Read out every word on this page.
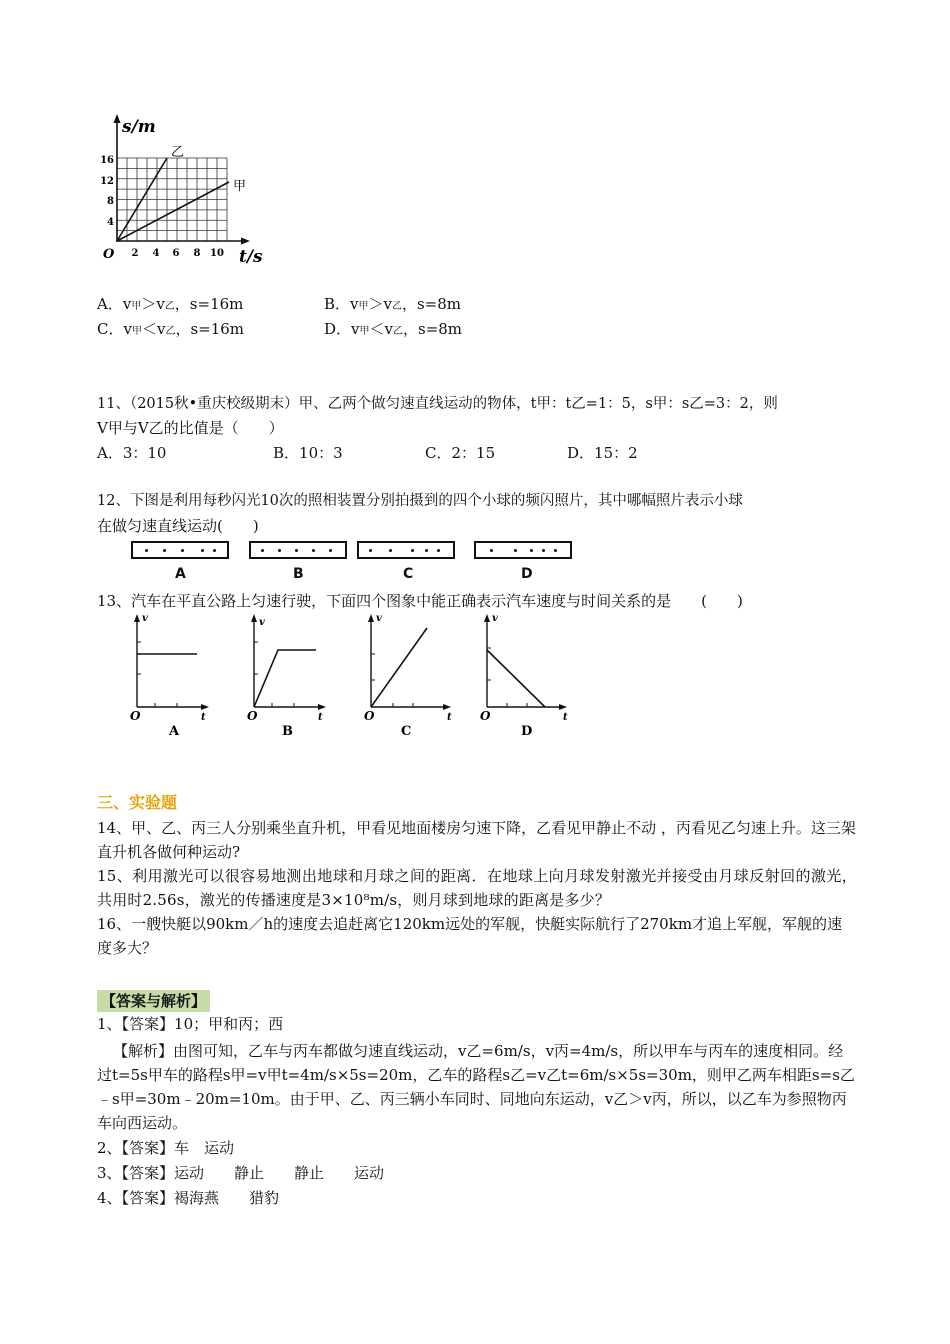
s/m
t/s
O
乙
甲
16
12
8
4
2 4 6 8 10
A．v甲＞v乙，s=16m	B．v甲＞v乙，s=8m
C．v甲＜v乙，s=16m	D．v甲＜v乙，s=8m
11、（2015秋•重庆校级期末）甲、乙两个做匀速直线运动的物体，t甲：t乙=1：5，s甲：s乙=3：2，则
V甲与V乙的比值是（　　）
A．3：10	B．10：3	C．2：15	D．15：2
12、下图是利用每秒闪光10次的照相装置分别拍摄到的四个小球的频闪照片，其中哪幅照片表示小球
在做匀速直线运动(　　)
A	B	C	D
13、汽车在平直公路上匀速行驶，下面四个图象中能正确表示汽车速度与时间关系的是　　(　　)
v
t
O
A
v
t
O
B
v
t
O
C
v
t
O
D
三、实验题
14、甲、乙、丙三人分别乘坐直升机，甲看见地面楼房匀速下降，乙看见甲静止不动 ，丙看见乙匀速上升。这三架直升机各做何种运动?
15、利用激光可以很容易地测出地球和月球之间的距离．在地球上向月球发射激光并接受由月球反射回的激光，共用时2.56s，激光的传播速度是3×10⁸m/s，则月球到地球的距离是多少？
16、一艘快艇以90km／h的速度去追赶离它120km远处的军舰，快艇实际航行了270km才追上军舰，军舰的速度多大？
【答案与解析】
1、【答案】10；甲和丙；西
【解析】由图可知，乙车与丙车都做匀速直线运动，v乙=6m/s，v丙=4m/s，所以甲车与丙车的速度相同。经过t=5s甲车的路程s甲=v甲t=4m/s×5s=20m，乙车的路程s乙=v乙t=6m/s×5s=30m，则甲乙两车相距s=s乙﹣s甲=30m﹣20m=10m。由于甲、乙、丙三辆小车同时、同地向东运动，v乙＞v丙，所以，以乙车为参照物丙车向西运动。
2、【答案】车　运动
3、【答案】运动　　静止　　静止　　运动
4、【答案】褐海燕　　猎豹
